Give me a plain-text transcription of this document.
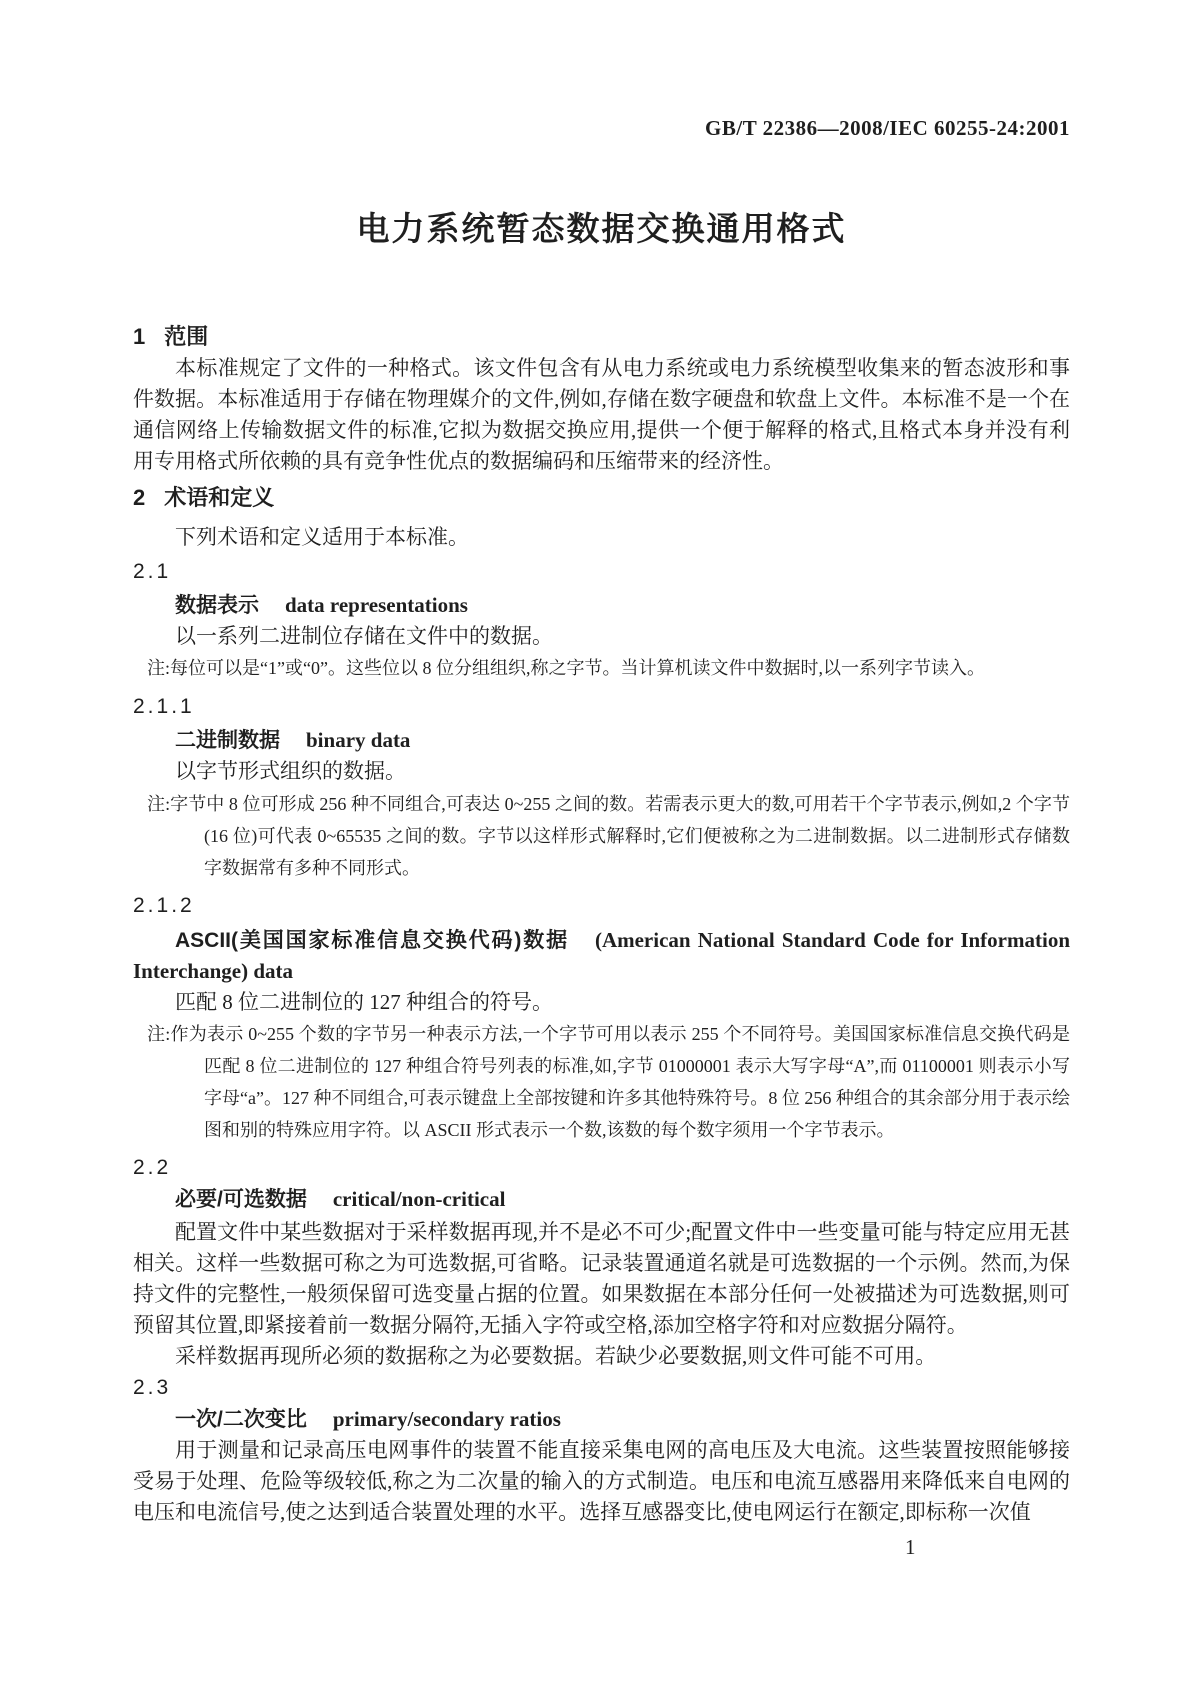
GB/T 22386—2008/IEC 60255-24:2001
电力系统暂态数据交换通用格式
1 范围

本标准规定了文件的一种格式。该文件包含有从电力系统或电力系统模型收集来的暂态波形和事件数据。本标准适用于存储在物理媒介的文件,例如,存储在数字硬盘和软盘上文件。本标准不是一个在通信网络上传输数据文件的标准,它拟为数据交换应用,提供一个便于解释的格式,且格式本身并没有利用专用格式所依赖的具有竞争性优点的数据编码和压缩带来的经济性。

2 术语和定义

下列术语和定义适用于本标准。

2.1
数据表示 data representations

以一系列二进制位存储在文件中的数据。

注:每位可以是“1”或“0”。这些位以 8 位分组组织,称之字节。当计算机读文件中数据时,以一系列字节读入。

2.1.1
二进制数据 binary data

以字节形式组织的数据。

注:字节中 8 位可形成 256 种不同组合,可表达 0~255 之间的数。若需表示更大的数,可用若干个字节表示,例如,2 个字节(16 位)可代表 0~65535 之间的数。字节以这样形式解释时,它们便被称之为二进制数据。以二进制形式存储数字数据常有多种不同形式。

2.1.2
ASCII(美国国家标准信息交换代码)数据 (American National Standard Code for Information Interchange) data

匹配 8 位二进制位的 127 种组合的符号。

注:作为表示 0~255 个数的字节另一种表示方法,一个字节可用以表示 255 个不同符号。美国国家标准信息交换代码是匹配 8 位二进制位的 127 种组合符号列表的标准,如,字节 01000001 表示大写字母“A”,而 01100001 则表示小写字母“a”。127 种不同组合,可表示键盘上全部按键和许多其他特殊符号。8 位 256 种组合的其余部分用于表示绘图和别的特殊应用字符。以 ASCII 形式表示一个数,该数的每个数字须用一个字节表示。

2.2
必要/可选数据 critical/non-critical

配置文件中某些数据对于采样数据再现,并不是必不可少;配置文件中一些变量可能与特定应用无甚相关。这样一些数据可称之为可选数据,可省略。记录装置通道名就是可选数据的一个示例。然而,为保持文件的完整性,一般须保留可选变量占据的位置。如果数据在本部分任何一处被描述为可选数据,则可预留其位置,即紧接着前一数据分隔符,无插入字符或空格,添加空格字符和对应数据分隔符。

采样数据再现所必须的数据称之为必要数据。若缺少必要数据,则文件可能不可用。

2.3
一次/二次变比 primary/secondary ratios

用于测量和记录高压电网事件的装置不能直接采集电网的高电压及大电流。这些装置按照能够接受易于处理、危险等级较低,称之为二次量的输入的方式制造。电压和电流互感器用来降低来自电网的电压和电流信号,使之达到适合装置处理的水平。选择互感器变比,使电网运行在额定,即标称一次值

1
